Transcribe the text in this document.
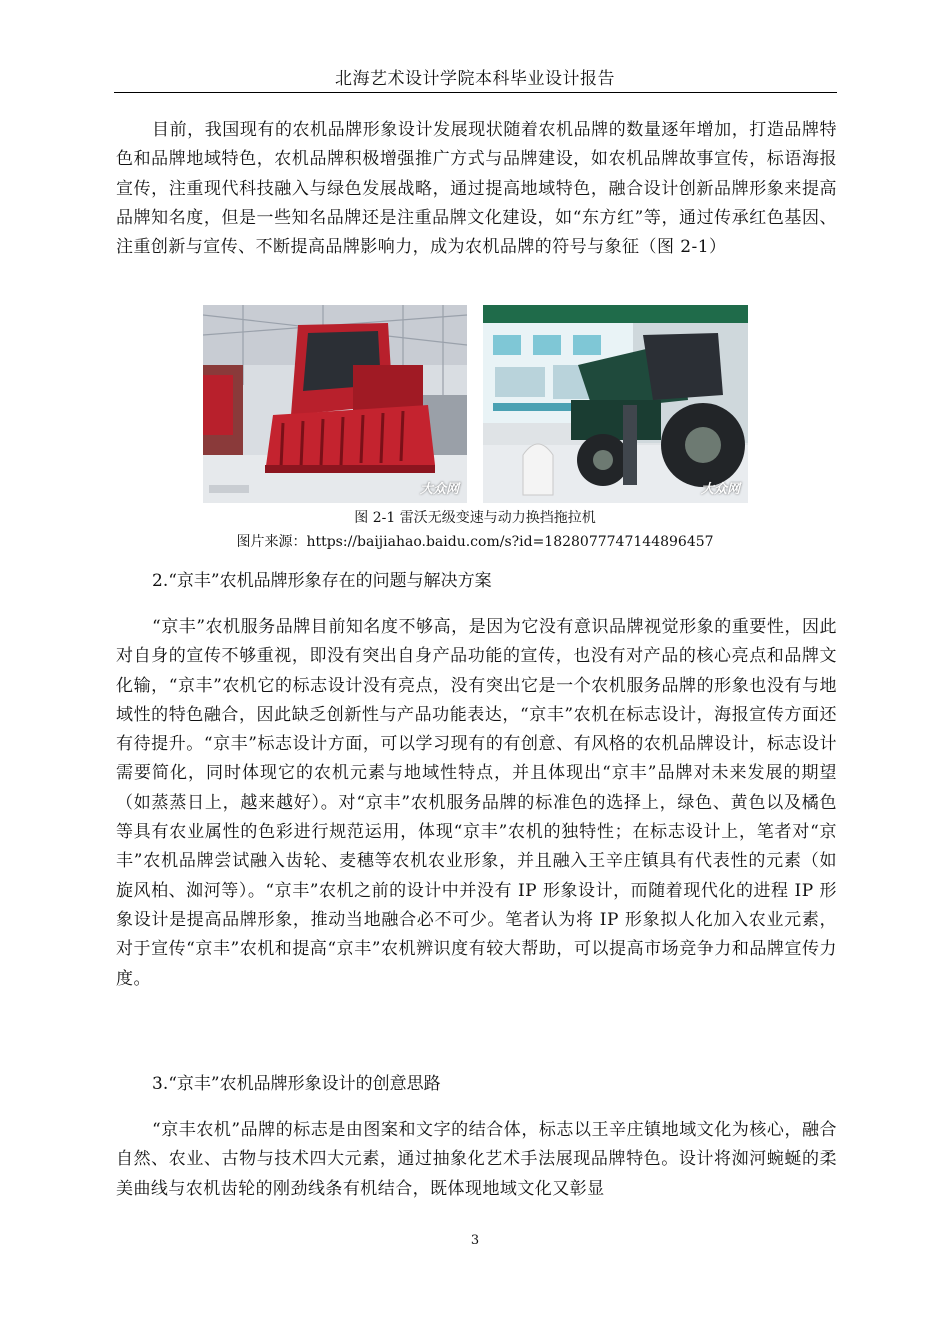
北海艺术设计学院本科毕业设计报告

目前，我国现有的农机品牌形象设计发展现状随着农机品牌的数量逐年增加，打造品牌特色和品牌地域特色，农机品牌积极增强推广方式与品牌建设，如农机品牌故事宣传，标语海报宣传，注重现代科技融入与绿色发展战略，通过提高地域特色，融合设计创新品牌形象来提高品牌知名度，但是一些知名品牌还是注重品牌文化建设，如“东方红”等，通过传承红色基因、注重创新与宣传、不断提高品牌影响力，成为农机品牌的符号与象征（图 2-1）

大众网	大众网
图 2-1 雷沃无级变速与动力换挡拖拉机
图片来源：https://baijiahao.baidu.com/s?id=1828077747144896457
2.“京丰”农机品牌形象存在的问题与解决方案

“京丰”农机服务品牌目前知名度不够高，是因为它没有意识品牌视觉形象的重要性，因此对自身的宣传不够重视，即没有突出自身产品功能的宣传，也没有对产品的核心亮点和品牌文化输，“京丰”农机它的标志设计没有亮点，没有突出它是一个农机服务品牌的形象也没有与地域性的特色融合，因此缺乏创新性与产品功能表达，“京丰”农机在标志设计，海报宣传方面还有待提升。“京丰”标志设计方面，可以学习现有的有创意、有风格的农机品牌设计，标志设计需要简化，同时体现它的农机元素与地域性特点，并且体现出“京丰”品牌对未来发展的期望（如蒸蒸日上，越来越好）。对“京丰”农机服务品牌的标准色的选择上，绿色、黄色以及橘色等具有农业属性的色彩进行规范运用，体现“京丰”农机的独特性；在标志设计上，笔者对“京丰”农机品牌尝试融入齿轮、麦穗等农机农业形象，并且融入王辛庄镇具有代表性的元素（如旋风柏、洳河等）。“京丰”农机之前的设计中并没有 IP 形象设计，而随着现代化的进程 IP 形象设计是提高品牌形象，推动当地融合必不可少。笔者认为将 IP 形象拟人化加入农业元素，对于宣传“京丰”农机和提高“京丰”农机辨识度有较大帮助，可以提高市场竞争力和品牌宣传力度。

3.“京丰”农机品牌形象设计的创意思路

“京丰农机”品牌的标志是由图案和文字的结合体，标志以王辛庄镇地域文化为核心，融合自然、农业、古物与技术四大元素，通过抽象化艺术手法展现品牌特色。设计将洳河蜿蜒的柔美曲线与农机齿轮的刚劲线条有机结合，既体现地域文化又彰显

3
